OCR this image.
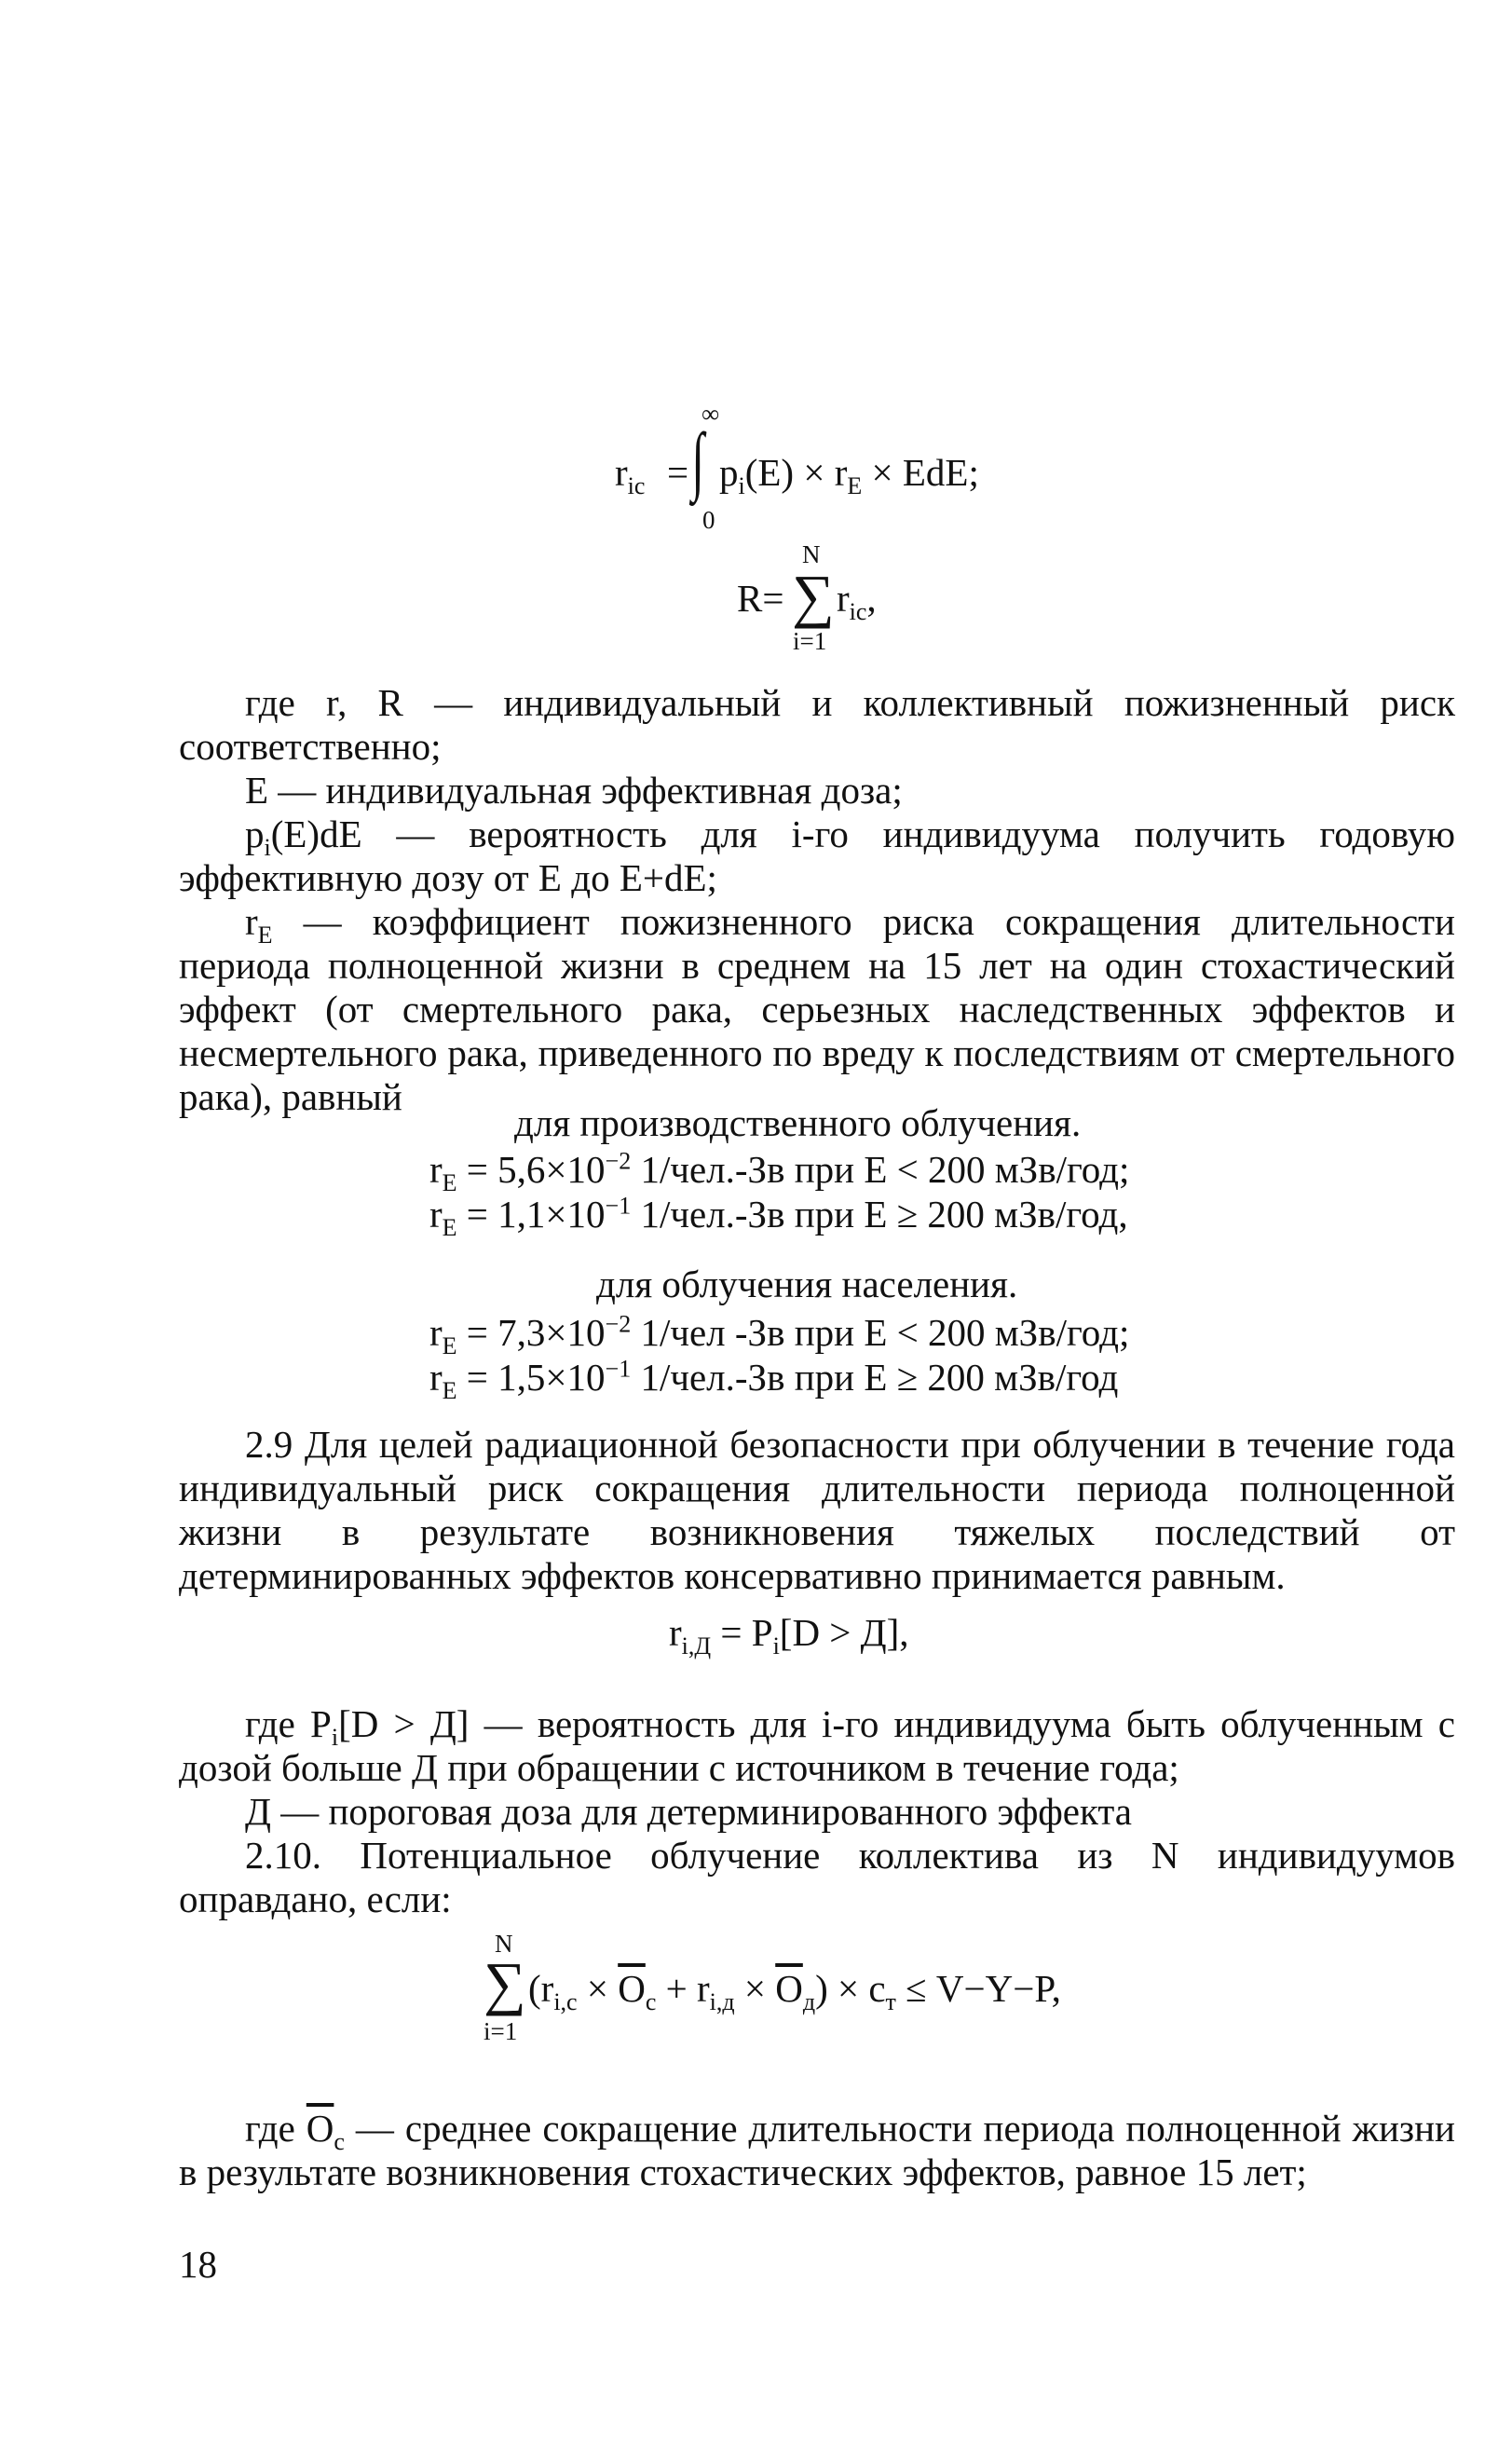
∞
0
$r_{ic}$ = ∫ $p_i(E) \times r_E$ × EdE;
N
R= ∑
i=1
$r_{ic}$,

где r, R — индивидуальный и коллективный пожизненный риск соответственно;

E — индивидуальная эффективная доза;

$p_i(E)dE$ — вероятность для i-го индивидуума получить годовую эффективную дозу от E до E+dE;

$r_E$ — коэффициент пожизненного риска сокращения длительности периода полноценной жизни в среднем на 15 лет на один стохастический эффект (от смертельного рака, серьезных наследственных эффектов и несмертельного рака, приведенного по вреду к последствиям от смертельного рака), равный

для производственного облучения.
$r_E = 5,6\times 10^{-2}$ 1/чел.-Зв при E < 200 мЗв/год;
$r_E = 1,1\times 10^{-1}$ 1/чел.-Зв при E ≥ 200 мЗв/год,
для облучения населения.
$r_E = 7,3\times 10^{-2}$ 1/чел -Зв при E < 200 мЗв/год;
$r_E = 1,5\times 10^{-1}$ 1/чел.-Зв при E ≥ 200 мЗв/год

2.9 Для целей радиационной безопасности при облучении в течение года индивидуальный риск сокращения длительности периода полноценной жизни в результате возникновения тяжелых последствий от детерминированных эффектов консервативно принимается равным.

$r_{i,Д} = P_i[D > Д]$,

где $P_i[D > Д]$ — вероятность для i-го индивидуума быть облученным с дозой больше Д при обращении с источником в течение года;

Д — пороговая доза для детерминированного эффекта

2.10. Потенциальное облучение коллектива из N индивидуумов оправдано, если:

N
∑
i=1
$(r_{i,c} \times \overline{O}_c + r_{i,д} \times \overline{O}_д) \times c_т \le V-Y-P$,

где $\overline{O}_c$ — среднее сокращение длительности периода полноценной жизни в результате возникновения стохастических эффектов, равное 15 лет;

18
